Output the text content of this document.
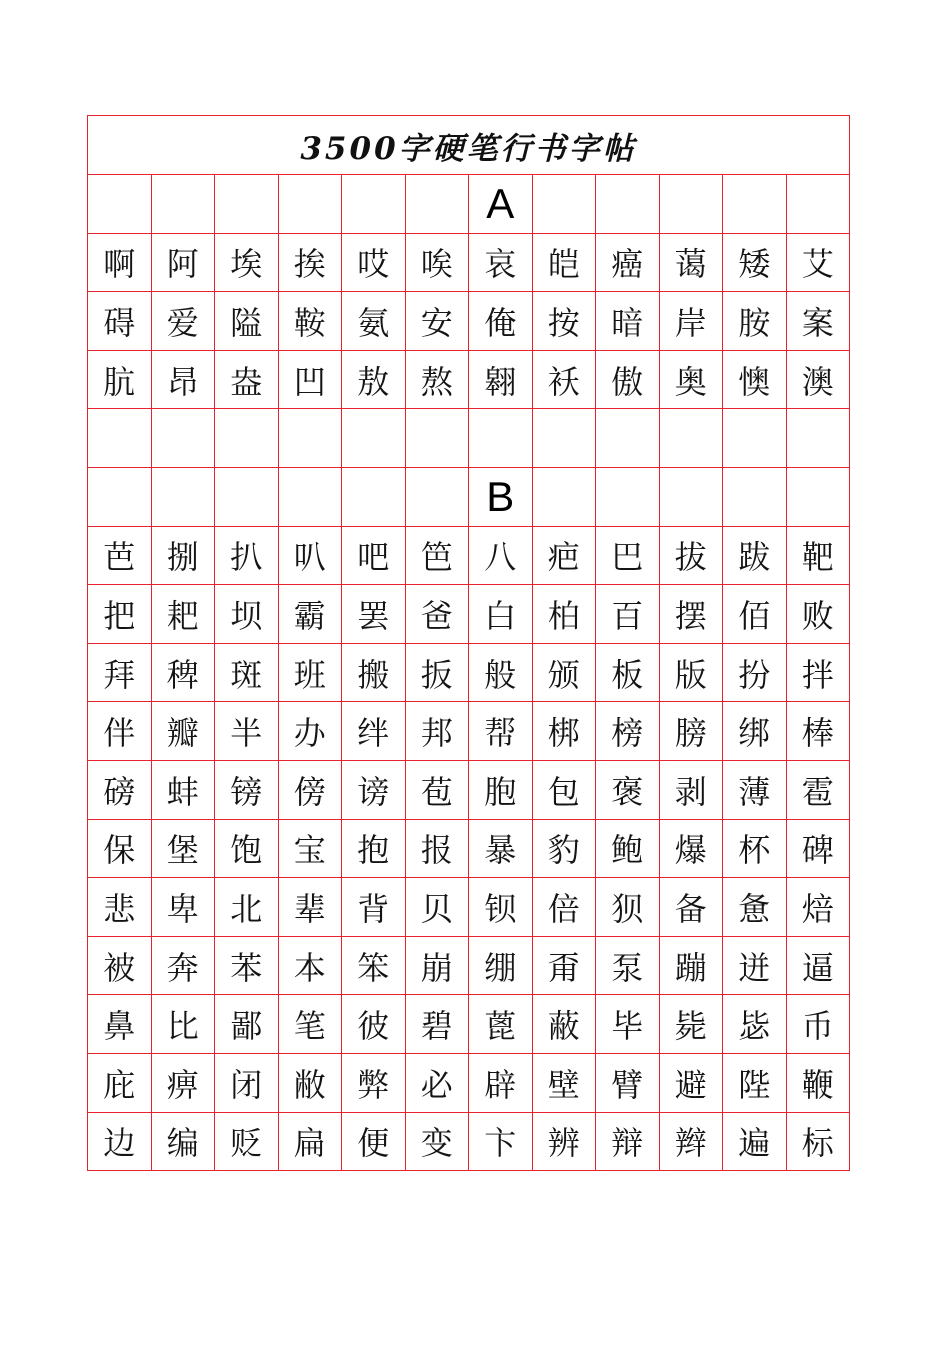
3500字硬笔行书字帖											
						A					
啊	阿	埃	挨	哎	唉	哀	皑	癌	蔼	矮	艾
碍	爱	隘	鞍	氨	安	俺	按	暗	岸	胺	案
肮	昂	盎	凹	敖	熬	翱	袄	傲	奥	懊	澳

						B					
芭	捌	扒	叭	吧	笆	八	疤	巴	拔	跋	靶
把	耙	坝	霸	罢	爸	白	柏	百	摆	佰	败
拜	稗	斑	班	搬	扳	般	颁	板	版	扮	拌
伴	瓣	半	办	绊	邦	帮	梆	榜	膀	绑	棒
磅	蚌	镑	傍	谤	苞	胞	包	褒	剥	薄	雹
保	堡	饱	宝	抱	报	暴	豹	鲍	爆	杯	碑
悲	卑	北	辈	背	贝	钡	倍	狈	备	惫	焙
被	奔	苯	本	笨	崩	绷	甭	泵	蹦	迸	逼
鼻	比	鄙	笔	彼	碧	蓖	蔽	毕	毙	毖	币
庇	痹	闭	敝	弊	必	辟	壁	臂	避	陛	鞭
边	编	贬	扁	便	变	卞	辨	辩	辫	遍	标
